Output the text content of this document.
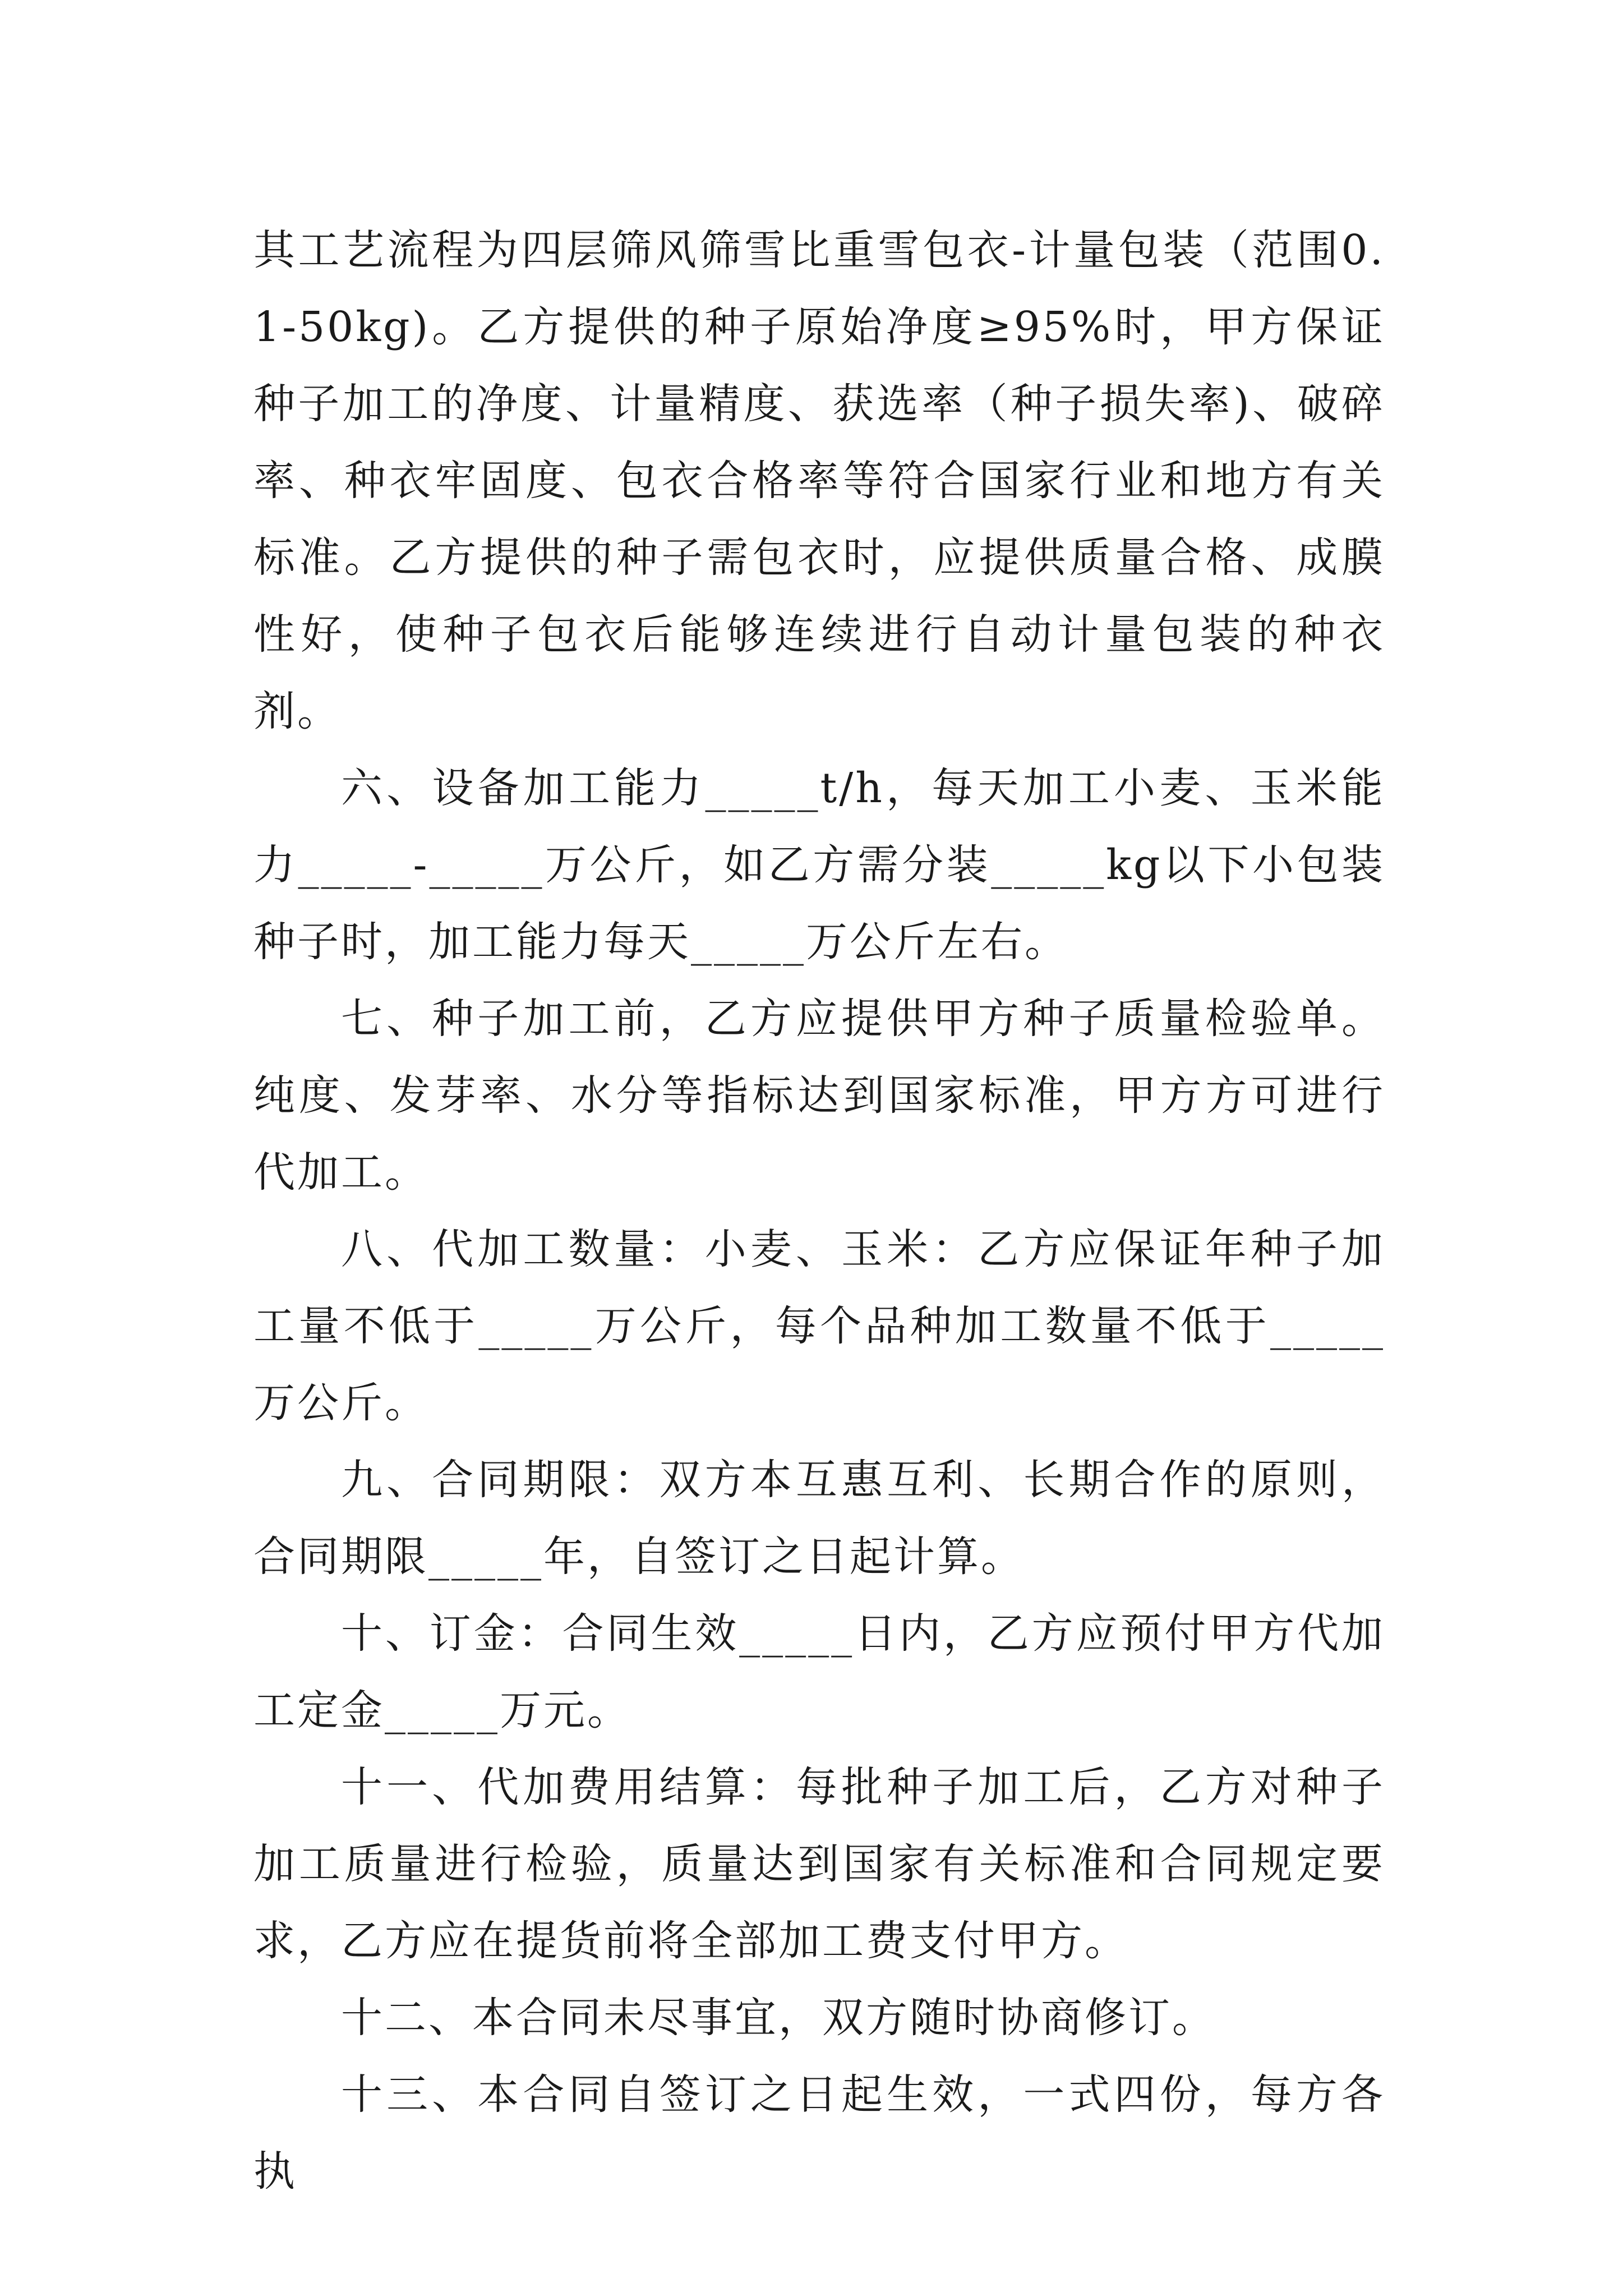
其工艺流程为四层筛风筛雪比重雪包衣-计量包装（范围0.1-50kg)。乙方提供的种子原始净度≥95%时，甲方保证种子加工的净度、计量精度、获选率（种子损失率)、破碎率、种衣牢固度、包衣合格率等符合国家行业和地方有关标准。乙方提供的种子需包衣时，应提供质量合格、成膜性好，使种子包衣后能够连续进行自动计量包装的种衣剂。

六、设备加工能力_____t/h，每天加工小麦、玉米能力_____-_____万公斤，如乙方需分装_____kg以下小包装种子时，加工能力每天_____万公斤左右。

七、种子加工前，乙方应提供甲方种子质量检验单。纯度、发芽率、水分等指标达到国家标准，甲方方可进行代加工。

八、代加工数量：小麦、玉米：乙方应保证年种子加工量不低于_____万公斤，每个品种加工数量不低于_____万公斤。

九、合同期限：双方本互惠互利、长期合作的原则，合同期限_____年，自签订之日起计算。

十、订金：合同生效_____日内，乙方应预付甲方代加工定金_____万元。

十一、代加费用结算：每批种子加工后，乙方对种子加工质量进行检验，质量达到国家有关标准和合同规定要求，乙方应在提货前将全部加工费支付甲方。

十二、本合同未尽事宜，双方随时协商修订。

十三、本合同自签订之日起生效，一式四份，每方各执
